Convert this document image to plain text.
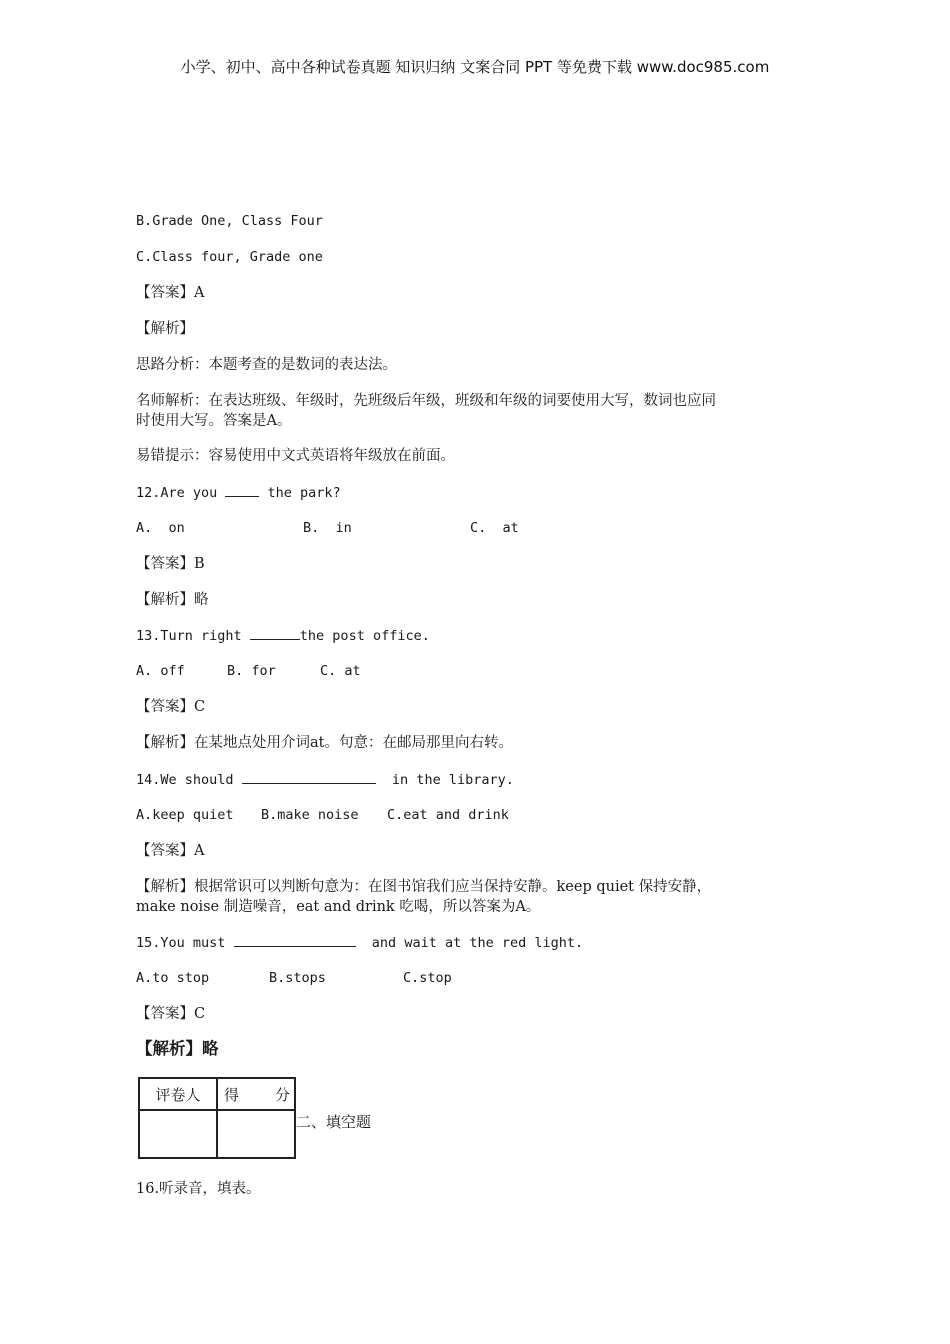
小学、初中、高中各种试卷真题 知识归纳 文案合同 PPT 等免费下载 www.doc985.com
B.Grade One, Class Four
C.Class four, Grade one
【答案】A
【解析】
思路分析：本题考查的是数词的表达法。
名师解析：在表达班级、年级时，先班级后年级，班级和年级的词要使用大写，数词也应同
时使用大写。答案是A。
易错提示：容易使用中文式英语将年级放在前面。
12.Are you	the park?
A.  on	B.  in	C.  at
【答案】B
【解析】略
13.Turn right	the post office.
A. off	B. for	C. at
【答案】C
【解析】在某地点处用介词at。句意：在邮局那里向右转。
14.We should	in the library.
A.keep quiet B.make noise C.eat and drink
【答案】A
【解析】根据常识可以判断句意为：在图书馆我们应当保持安静。keep quiet 保持安静，
make noise 制造噪音，eat and drink 吃喝，所以答案为A。
15.You must	and wait at the red light.
A.to stop	B.stops	C.stop
【答案】C
【解析】略
评卷人	得 分

二、填空题
16.听录音，填表。
